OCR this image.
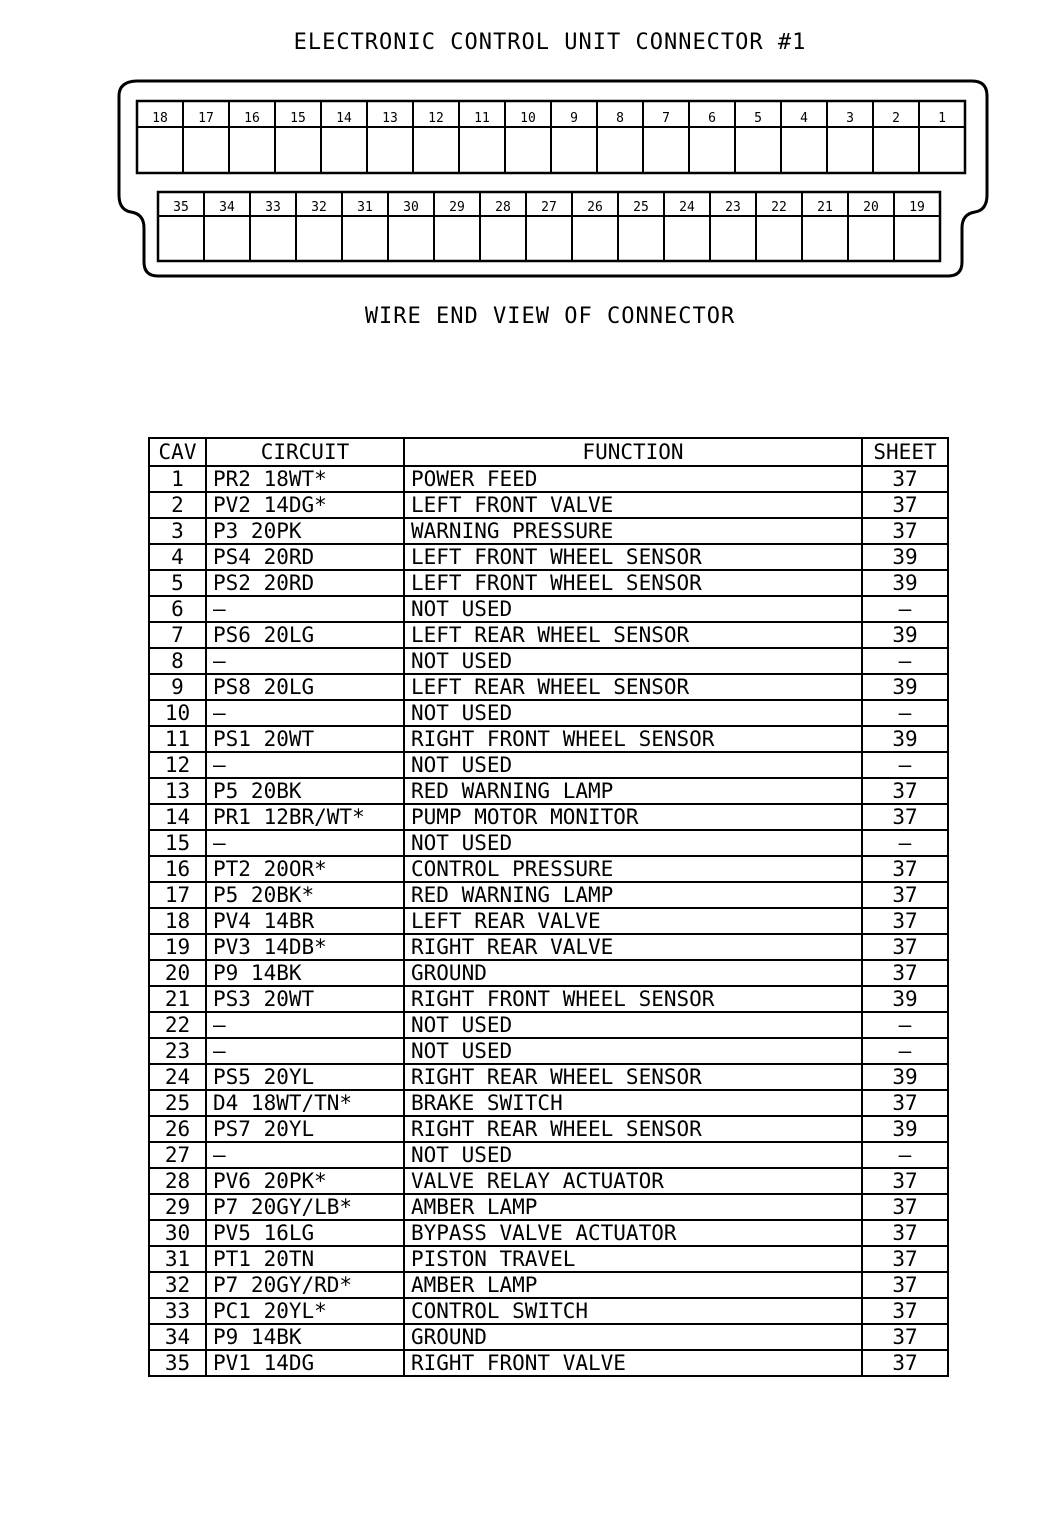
ELECTRONIC CONTROL UNIT CONNECTOR #1
18 17 16 15 14 13 12 11 10	9	8	7	6	5	4	3	2	1
35 34 33 32 31 30 29 28 27 26 25 24 23 22 21 20 19
WIRE END VIEW OF CONNECTOR
CAV	CIRCUIT	FUNCTION	SHEET
1	PR2 18WT*	POWER FEED	37
2	PV2 14DG*	LEFT FRONT VALVE	37
3	P3 20PK	WARNING PRESSURE	37
4	PS4 20RD	LEFT FRONT WHEEL SENSOR	39
5	PS2 20RD	LEFT FRONT WHEEL SENSOR	39
6	—	NOT USED	—
7	PS6 20LG	LEFT REAR WHEEL SENSOR	39
8	—	NOT USED	—
9	PS8 20LG	LEFT REAR WHEEL SENSOR	39
10	—	NOT USED	—
11	PS1 20WT	RIGHT FRONT WHEEL SENSOR	39
12	—	NOT USED	—
13	P5 20BK	RED WARNING LAMP	37
14	PR1 12BR/WT*	PUMP MOTOR MONITOR	37
15	—	NOT USED	—
16	PT2 20OR*	CONTROL PRESSURE	37
17	P5 20BK*	RED WARNING LAMP	37
18	PV4 14BR	LEFT REAR VALVE	37
19	PV3 14DB*	RIGHT REAR VALVE	37
20	P9 14BK	GROUND	37
21	PS3 20WT	RIGHT FRONT WHEEL SENSOR	39
22	—	NOT USED	—
23	—	NOT USED	—
24	PS5 20YL	RIGHT REAR WHEEL SENSOR	39
25	D4 18WT/TN*	BRAKE SWITCH	37
26	PS7 20YL	RIGHT REAR WHEEL SENSOR	39
27	—	NOT USED	—
28	PV6 20PK*	VALVE RELAY ACTUATOR	37
29	P7 20GY/LB*	AMBER LAMP	37
30	PV5 16LG	BYPASS VALVE ACTUATOR	37
31	PT1 20TN	PISTON TRAVEL	37
32	P7 20GY/RD*	AMBER LAMP	37
33	PC1 20YL*	CONTROL SWITCH	37
34	P9 14BK	GROUND	37
35	PV1 14DG	RIGHT FRONT VALVE	37
